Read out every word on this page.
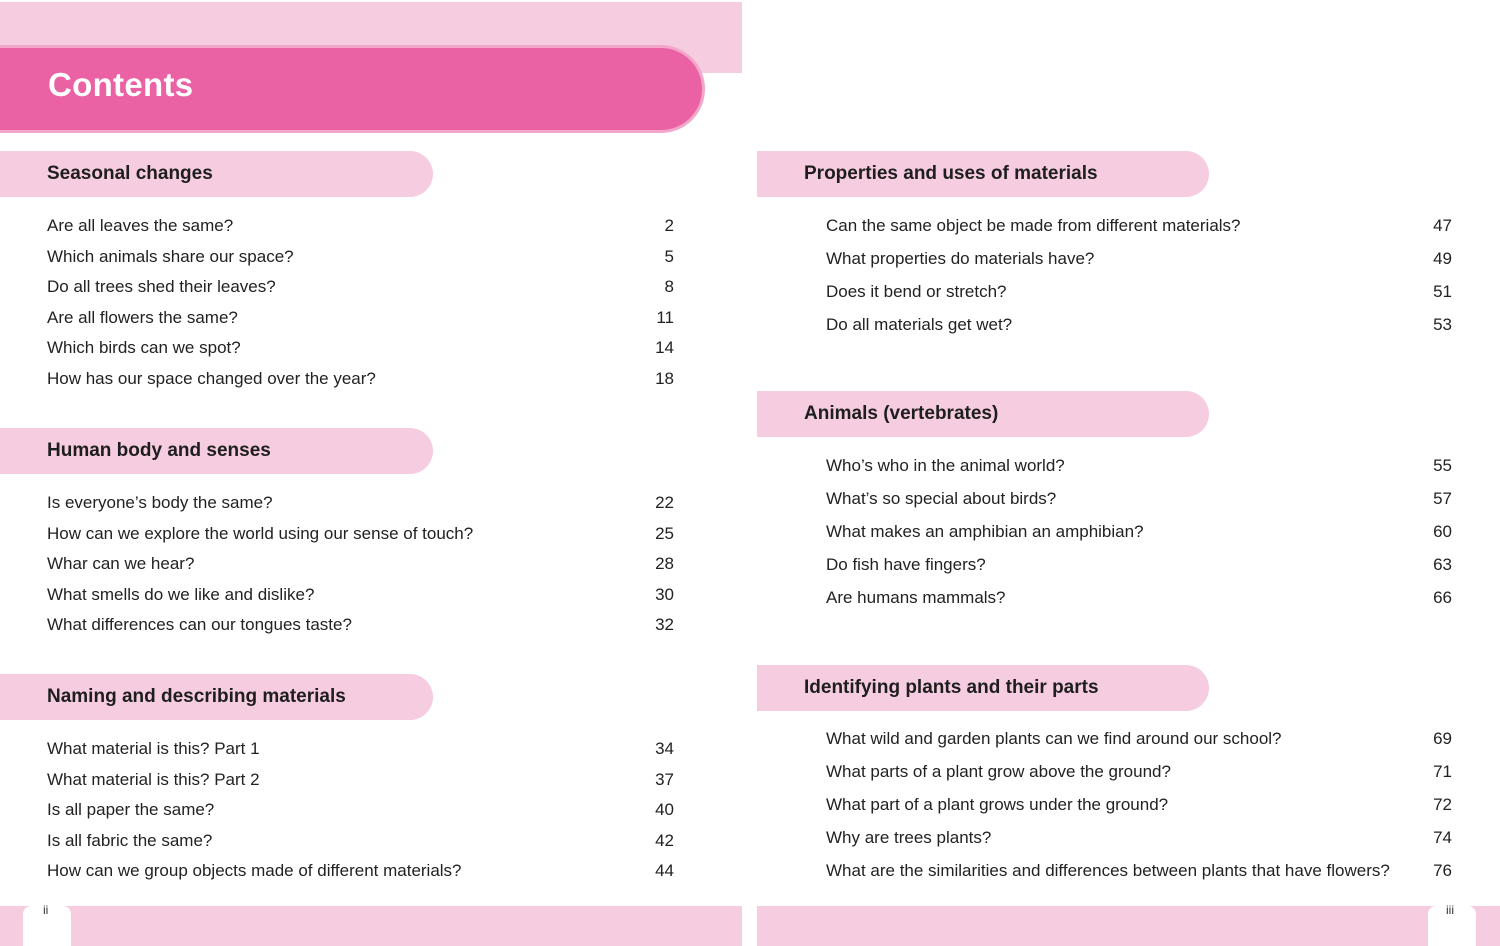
Contents
Seasonal changes
Are all leaves the same?	2
Which animals share our space?	5
Do all trees shed their leaves?	8
Are all flowers the same?	11
Which birds can we spot?	14
How has our space changed over the year?	18
Human body and senses
Is everyone’s body the same?	22
How can we explore the world using our sense of touch?	25
Whar can we hear?	28
What smells do we like and dislike?	30
What differences can our tongues taste?	32
Naming and describing materials
What material is this? Part 1	34
What material is this? Part 2	37
Is all paper the same?	40
Is all fabric the same?	42
How can we group objects made of different materials?	44
Properties and uses of materials
Can the same object be made from different materials?	47
What properties do materials have?	49
Does it bend or stretch?	51
Do all materials get wet?	53
Animals (vertebrates)
Who’s who in the animal world?	55
What’s so special about birds?	57
What makes an amphibian an amphibian?	60
Do fish have fingers?	63
Are humans mammals?	66
Identifying plants and their parts
What wild and garden plants can we find around our school?	69
What parts of a plant grow above the ground?	71
What part of a plant grows under the ground?	72
Why are trees plants?	74
What are the similarities and differences between plants that have flowers?	76
ii	iii
